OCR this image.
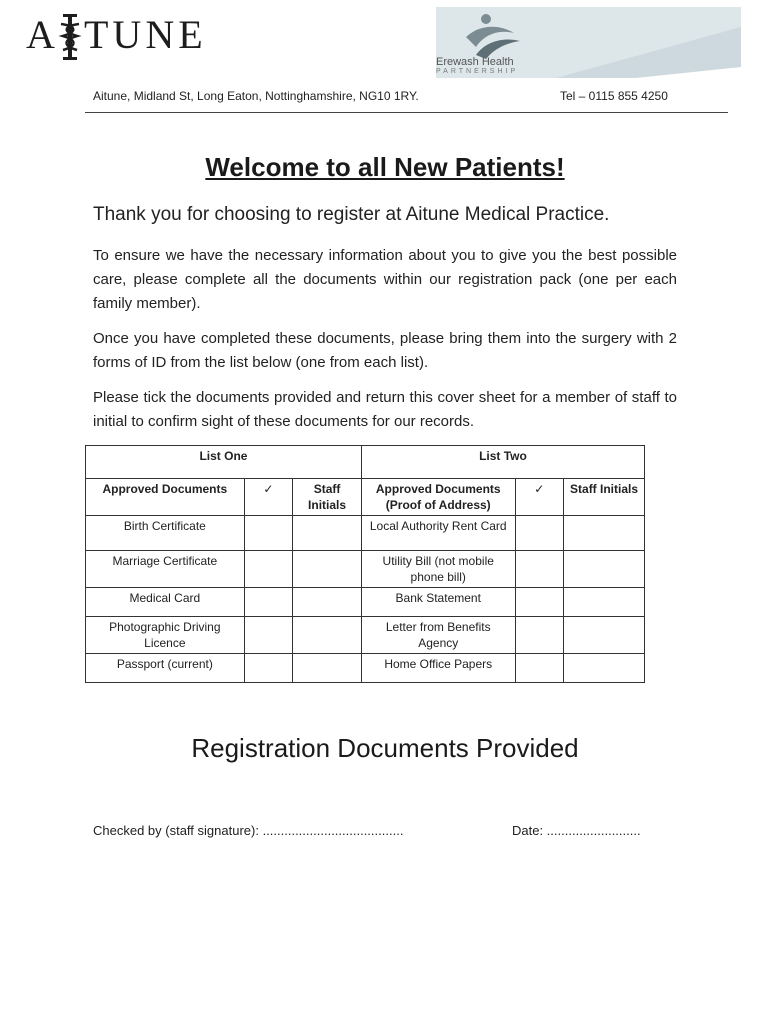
A TUNE
Erewash Health
PARTNERSHIP
Aitune, Midland St, Long Eaton, Nottinghamshire, NG10 1RY.	Tel – 0115 855 4250
Welcome to all New Patients!
Thank you for choosing to register at Aitune Medical Practice.

To ensure we have the necessary information about you to give you the best possible care, please complete all the documents within our registration pack (one per each family member).

Once you have completed these documents, please bring them into the surgery with 2 forms of ID from the list below (one from each list).

Please tick the documents provided and return this cover sheet for a member of staff to initial to confirm sight of these documents for our records.

List One			List Two		
Approved Documents	✓	Staff Initials	Approved Documents (Proof of Address)	✓	Staff Initials
Birth Certificate			Local Authority Rent Card		
Marriage Certificate			Utility Bill (not mobile phone bill)		
Medical Card			Bank Statement		
Photographic Driving Licence			Letter from Benefits Agency		
Passport (current)			Home Office Papers		
Registration Documents Provided
Checked by (staff signature): .......................................	Date: ..........................
